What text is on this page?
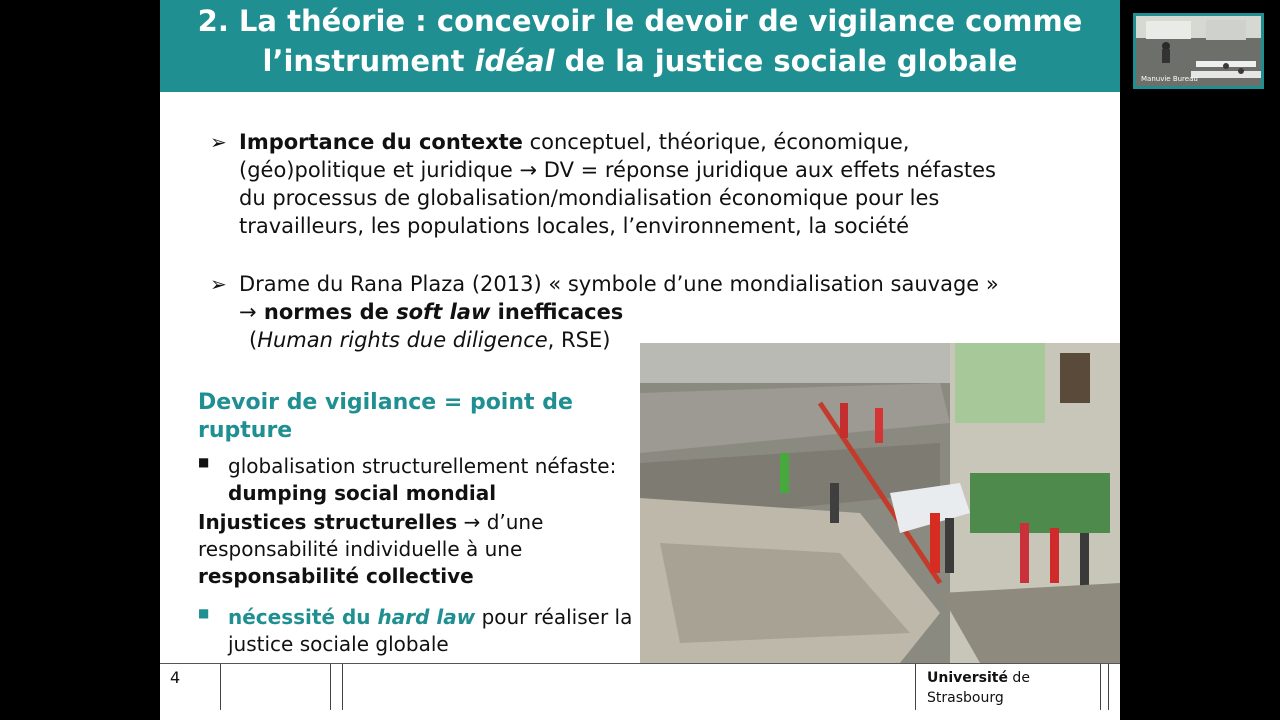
2. La théorie : concevoir le devoir de vigilance comme
l’instrument idéal de la justice sociale globale
➢ Importance du contexte conceptuel, théorique, économique,
(géo)politique et juridique → DV = réponse juridique aux effets néfastes
du processus de globalisation/mondialisation économique pour les
travailleurs, les populations locales, l’environnement, la société
➢ Drame du Rana Plaza (2013) « symbole d’une mondialisation sauvage »
→ normes de soft law inefficaces
(Human rights due diligence, RSE)
Devoir de vigilance = point de rupture
■ globalisation structurellement néfaste: dumping social mondial
Injustices structurelles → d’une responsabilité individuelle à une responsabilité collective
■ nécessité du hard law pour réaliser la justice sociale globale
4	Université de
Strasbourg
Manuvie Bureau
